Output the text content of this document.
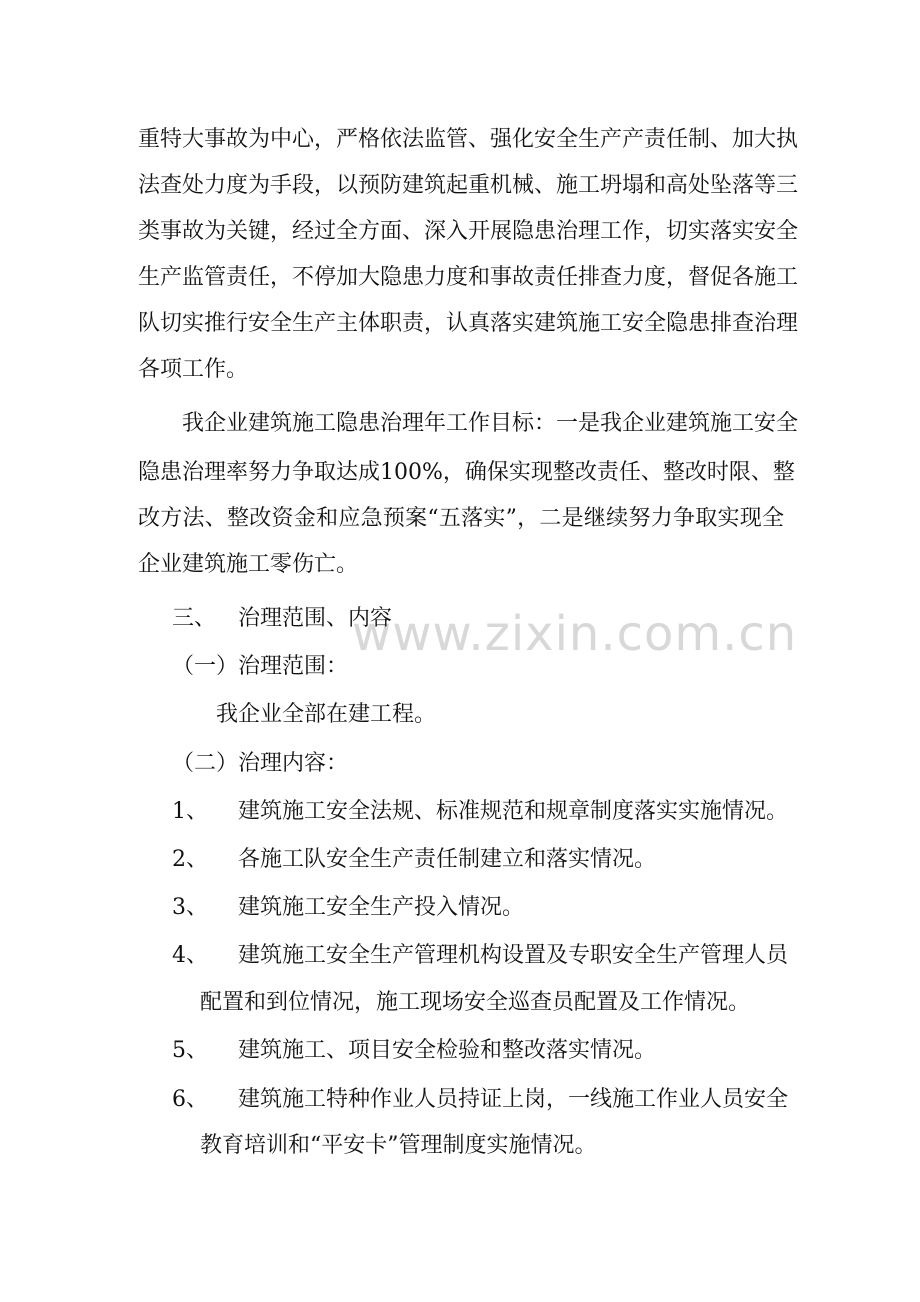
重特大事故为中心，严格依法监管、强化安全生产产责任制、加大执
法查处力度为手段，以预防建筑起重机械、施工坍塌和高处坠落等三
类事故为关键，经过全方面、深入开展隐患治理工作，切实落实安全
生产监管责任，不停加大隐患力度和事故责任排查力度，督促各施工
队切实推行安全生产主体职责，认真落实建筑施工安全隐患排查治理
各项工作。
我企业建筑施工隐患治理年工作目标：一是我企业建筑施工安全
隐患治理率努力争取达成100%，确保实现整改责任、整改时限、整
改方法、整改资金和应急预案“五落实”，二是继续努力争取实现全
企业建筑施工零伤亡。
www.zixin.com.cn
三、 治理范围、内容
（一）治理范围：
我企业全部在建工程。
（二）治理内容：
1、	建筑施工安全法规、标准规范和规章制度落实实施情况。
2、	各施工队安全生产责任制建立和落实情况。
3、	建筑施工安全生产投入情况。
4、	建筑施工安全生产管理机构设置及专职安全生产管理人员
配置和到位情况，施工现场安全巡查员配置及工作情况。
5、	建筑施工、项目安全检验和整改落实情况。
6、	建筑施工特种作业人员持证上岗，一线施工作业人员安全
教育培训和“平安卡”管理制度实施情况。
